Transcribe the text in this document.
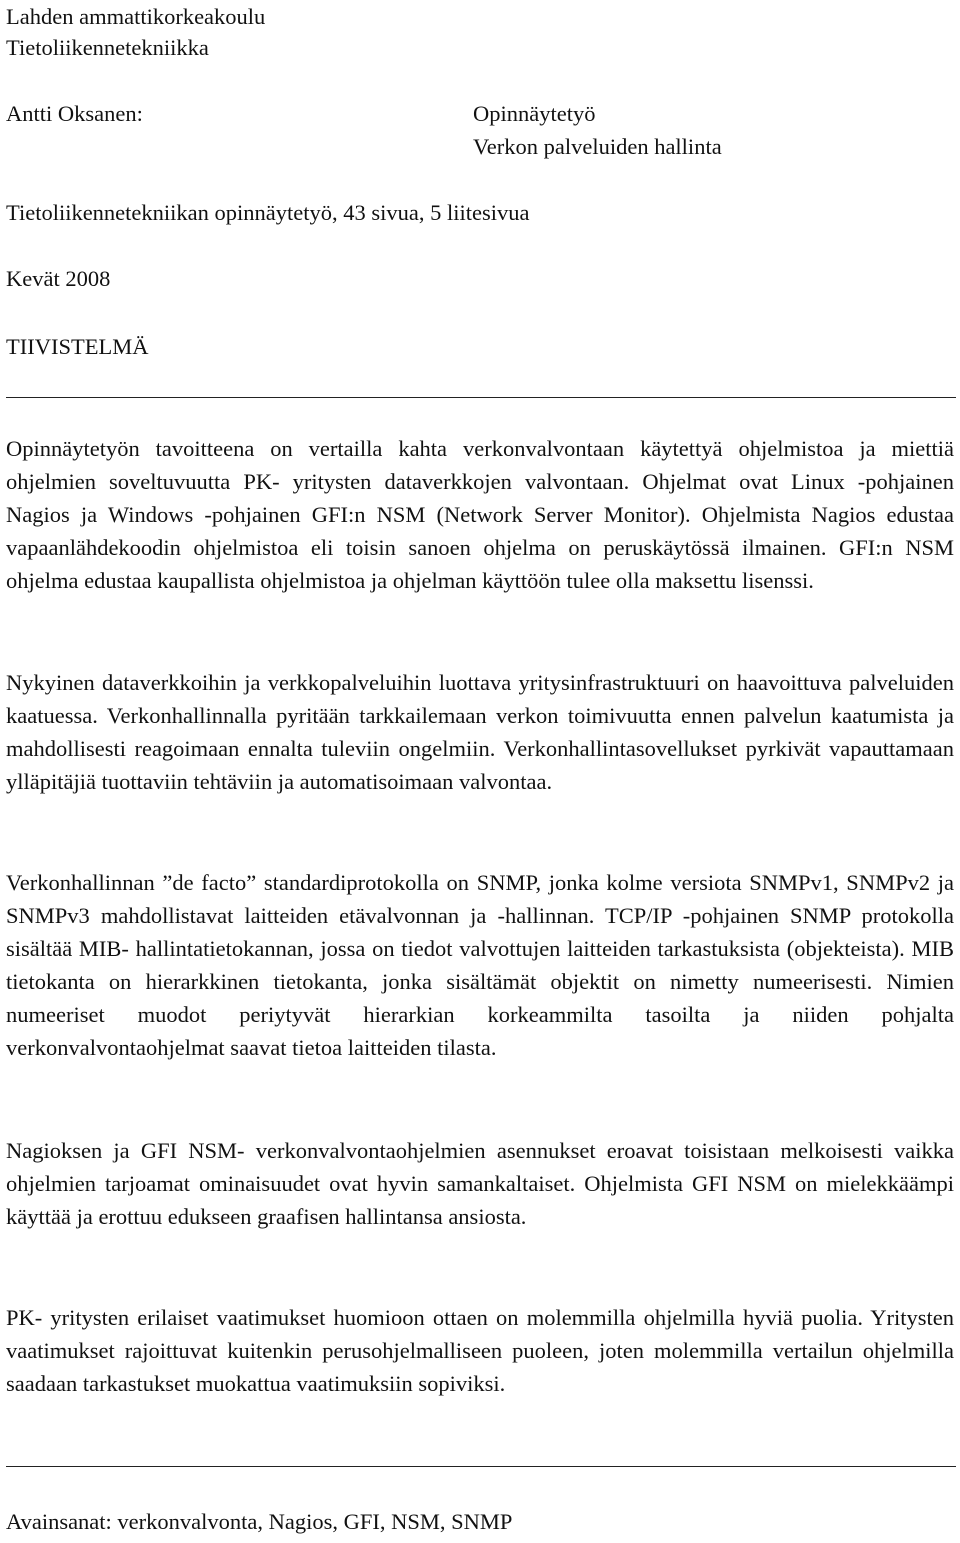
Lahden ammattikorkeakoulu
Tietoliikennetekniikka
Antti Oksanen:	Opinnäytetyö
Verkon palveluiden hallinta
Tietoliikennetekniikan opinnäytetyö, 43 sivua, 5 liitesivua
Kevät 2008
TIIVISTELMÄ

Opinnäytetyön tavoitteena on vertailla kahta verkonvalvontaan käytettyä ohjelmistoa ja miettiä ohjelmien soveltuvuutta PK- yritysten dataverkkojen valvontaan. Ohjelmat ovat Linux -pohjainen Nagios ja Windows -pohjainen GFI:n NSM (Network Server Monitor). Ohjelmista Nagios edustaa vapaanlähdekoodin ohjelmistoa eli toisin sanoen ohjelma on peruskäytössä ilmainen. GFI:n NSM ohjelma edustaa kaupallista ohjelmistoa ja ohjelman käyttöön tulee olla maksettu lisenssi.

Nykyinen dataverkkoihin ja verkkopalveluihin luottava yritysinfrastruktuuri on haavoittuva palveluiden kaatuessa. Verkonhallinnalla pyritään tarkkailemaan verkon toimivuutta ennen palvelun kaatumista ja mahdollisesti reagoimaan ennalta tuleviin ongelmiin. Verkonhallintasovellukset pyrkivät vapauttamaan ylläpitäjiä tuottaviin tehtäviin ja automatisoimaan valvontaa.

Verkonhallinnan ”de facto” standardiprotokolla on SNMP, jonka kolme versiota SNMPv1, SNMPv2 ja SNMPv3 mahdollistavat laitteiden etävalvonnan ja -hallinnan. TCP/IP -pohjainen SNMP protokolla sisältää MIB- hallintatietokannan, jossa on tiedot valvottujen laitteiden tarkastuksista (objekteista). MIB tietokanta on hierarkkinen tietokanta, jonka sisältämät objektit on nimetty numeerisesti. Nimien numeeriset muodot periytyvät hierarkian korkeammilta tasoilta ja niiden pohjalta verkonvalvontaohjelmat saavat tietoa laitteiden tilasta.

Nagioksen ja GFI NSM- verkonvalvontaohjelmien asennukset eroavat toisistaan melkoisesti vaikka ohjelmien tarjoamat ominaisuudet ovat hyvin samankaltaiset. Ohjelmista GFI NSM on mielekkäämpi käyttää ja erottuu edukseen graafisen hallintansa ansiosta.

PK- yritysten erilaiset vaatimukset huomioon ottaen on molemmilla ohjelmilla hyviä puolia. Yritysten vaatimukset rajoittuvat kuitenkin perusohjelmalliseen puoleen, joten molemmilla vertailun ohjelmilla saadaan tarkastukset muokattua vaatimuksiin sopiviksi.

Avainsanat: verkonvalvonta, Nagios, GFI, NSM, SNMP
